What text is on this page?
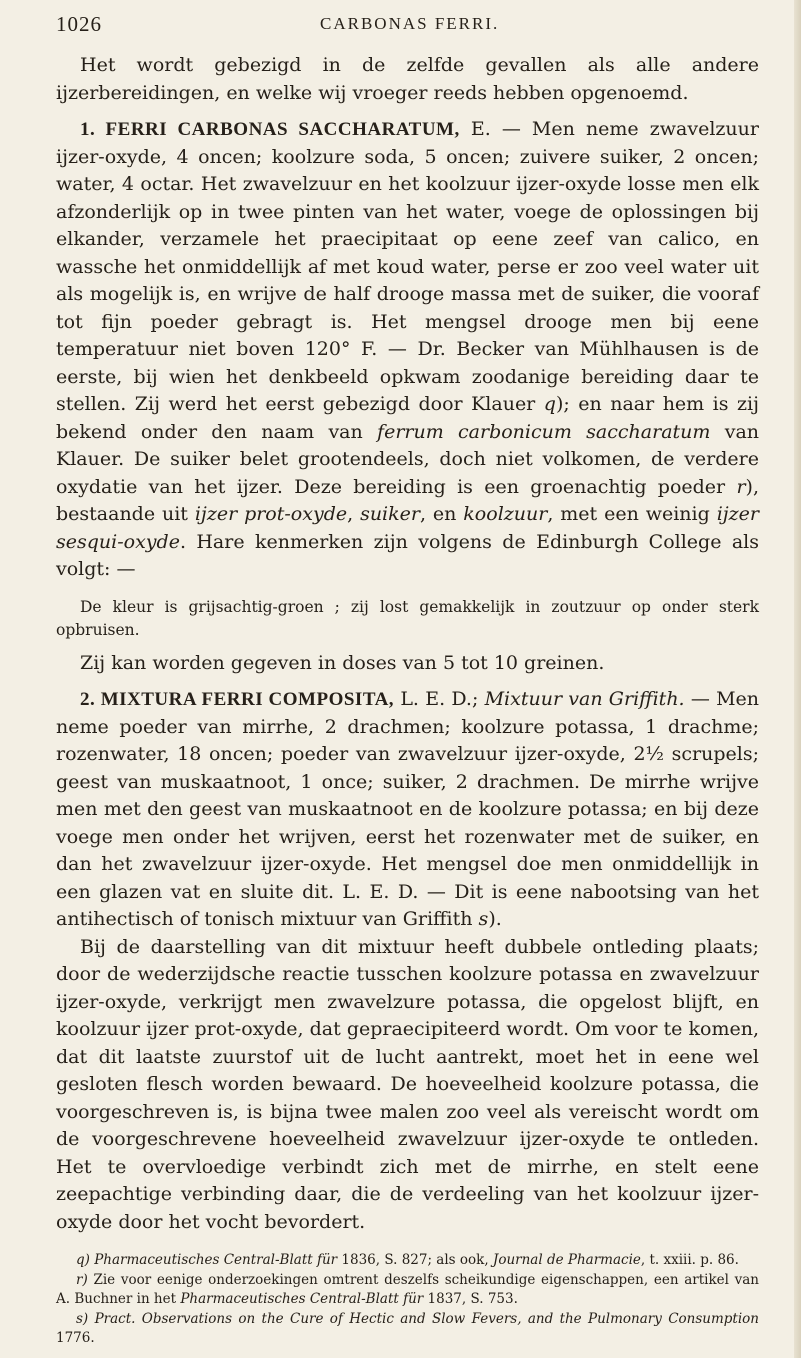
1026	CARBONAS FERRI.

Het wordt gebezigd in de zelfde gevallen als alle andere ijzerbereidingen, en welke wij vroeger reeds hebben opgenoemd.

1. FERRI CARBONAS SACCHARATUM, E. — Men neme zwavelzuur ijzer-oxyde, 4 oncen; koolzure soda, 5 oncen; zuivere suiker, 2 oncen; water, 4 octar. Het zwavelzuur en het koolzuur ijzer-oxyde losse men elk afzonderlijk op in twee pinten van het water, voege de oplossingen bij elkander, verzamele het praecipitaat op eene zeef van calico, en wassche het onmiddellijk af met koud water, perse er zoo veel water uit als mogelijk is, en wrijve de half drooge massa met de suiker, die vooraf tot fijn poeder gebragt is. Het mengsel drooge men bij eene temperatuur niet boven 120° F. — Dr. Becker van Mühlhausen is de eerste, bij wien het denkbeeld opkwam zoodanige bereiding daar te stellen. Zij werd het eerst gebezigd door Klauer q); en naar hem is zij bekend onder den naam van ferrum carbonicum saccharatum van Klauer. De suiker belet grootendeels, doch niet volkomen, de verdere oxydatie van het ijzer. Deze bereiding is een groenachtig poeder r), bestaande uit ijzer prot-oxyde, suiker, en koolzuur, met een weinig ijzer sesqui-oxyde. Hare kenmerken zijn volgens de Edinburgh College als volgt: —

De kleur is grijsachtig-groen ; zij lost gemakkelijk in zoutzuur op onder sterk opbruisen.

Zij kan worden gegeven in doses van 5 tot 10 greinen.

2. MIXTURA FERRI COMPOSITA, L. E. D.; Mixtuur van Griffith. — Men neme poeder van mirrhe, 2 drachmen; koolzure potassa, 1 drachme; rozenwater, 18 oncen; poeder van zwavelzuur ijzer-oxyde, 2½ scrupels; geest van muskaatnoot, 1 once; suiker, 2 drachmen. De mirrhe wrijve men met den geest van muskaatnoot en de koolzure potassa; en bij deze voege men onder het wrijven, eerst het rozenwater met de suiker, en dan het zwavelzuur ijzer-oxyde. Het mengsel doe men onmiddellijk in een glazen vat en sluite dit. L. E. D. — Dit is eene nabootsing van het antihectisch of tonisch mixtuur van Griffith s).

Bij de daarstelling van dit mixtuur heeft dubbele ontleding plaats; door de wederzijdsche reactie tusschen koolzure potassa en zwavelzuur ijzer-oxyde, verkrijgt men zwavelzure potassa, die opgelost blijft, en koolzuur ijzer prot-oxyde, dat gepraecipiteerd wordt. Om voor te komen, dat dit laatste zuurstof uit de lucht aantrekt, moet het in eene wel gesloten flesch worden bewaard. De hoeveelheid koolzure potassa, die voorgeschreven is, is bijna twee malen zoo veel als vereischt wordt om de voorgeschrevene hoeveelheid zwavelzuur ijzer-oxyde te ontleden. Het te overvloedige verbindt zich met de mirrhe, en stelt eene zeepachtige verbinding daar, die de verdeeling van het koolzuur ijzer-oxyde door het vocht bevordert.

q) Pharmaceutisches Central-Blatt für 1836, S. 827; als ook, Journal de Pharmacie, t. xxiii. p. 86.

r) Zie voor eenige onderzoekingen omtrent deszelfs scheikundige eigenschappen, een artikel van A. Buchner in het Pharmaceutisches Central-Blatt für 1837, S. 753.

s) Pract. Observations on the Cure of Hectic and Slow Fevers, and the Pulmonary Consumption 1776.
